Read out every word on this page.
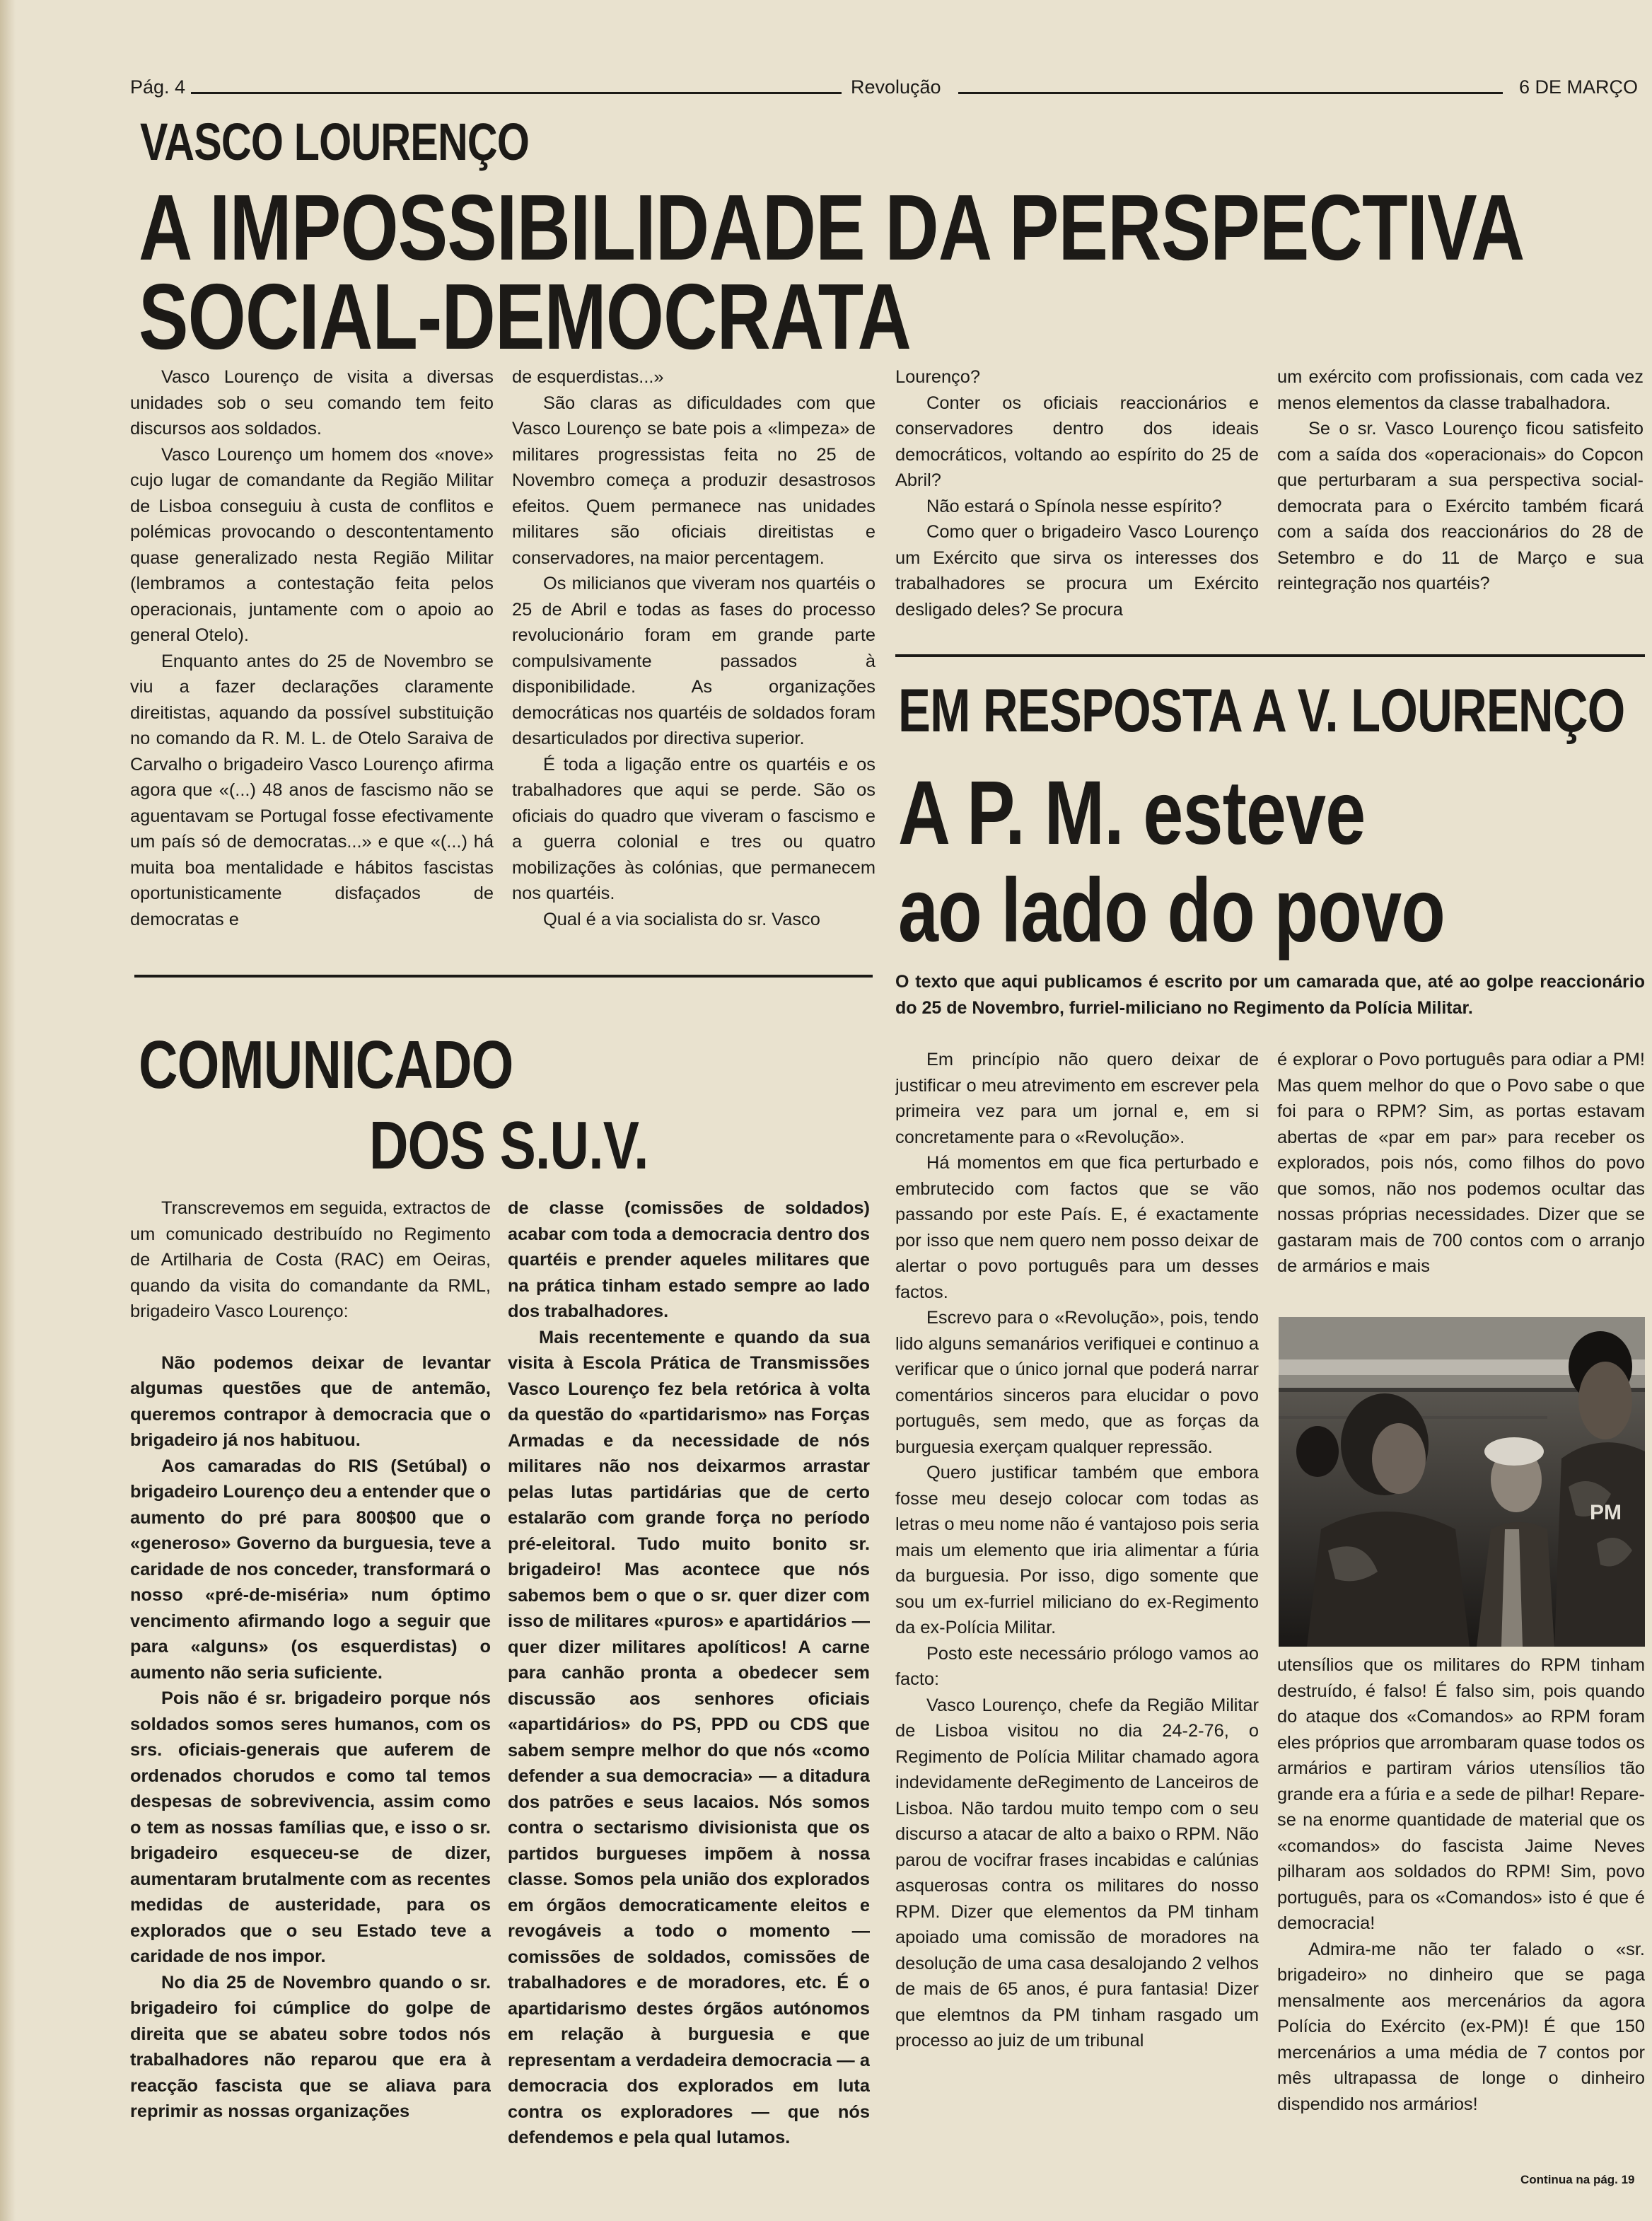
Pág. 4	Revolução	6 DE MARÇO
VASCO LOURENÇO
A IMPOSSIBILIDADE DA PERSPECTIVA
SOCIAL-DEMOCRATA

Vasco Lourenço de visita a diversas unidades sob o seu comando tem feito discursos aos soldados.

Vasco Lourenço um homem dos «nove» cujo lugar de comandante da Região Militar de Lisboa conseguiu à custa de conflitos e polémicas provocando o descontentamento quase generalizado nesta Região Militar (lembramos a contestação feita pelos operacionais, juntamente com o apoio ao general Otelo).

Enquanto antes do 25 de Novembro se viu a fazer declarações claramente direitistas, aquando da possível substituição no comando da R. M. L. de Otelo Saraiva de Carvalho o brigadeiro Vasco Lourenço afirma agora que «(...) 48 anos de fascismo não se aguentavam se Portugal fosse efectivamente um país só de democratas...» e que «(...) há muita boa mentalidade e hábitos fascistas oportunisticamente disfaçados de democratas e

de esquerdistas...»

São claras as dificuldades com que Vasco Lourenço se bate pois a «limpeza» de militares progressistas feita no 25 de Novembro começa a produzir desastrosos efeitos. Quem permanece nas unidades militares são oficiais direitistas e conservadores, na maior percentagem.

Os milicianos que viveram nos quartéis o 25 de Abril e todas as fases do processo revolucionário foram em grande parte compulsivamente passados à disponibilidade. As organizações democráticas nos quartéis de soldados foram desarticulados por directiva superior.

É toda a ligação entre os quartéis e os trabalhadores que aqui se perde. São os oficiais do quadro que viveram o fascismo e a guerra colonial e tres ou quatro mobilizações às colónias, que permanecem nos quartéis.

Qual é a via socialista do sr. Vasco

Lourenço?

Conter os oficiais reaccionários e conservadores dentro dos ideais democráticos, voltando ao espírito do 25 de Abril?

Não estará o Spínola nesse espírito?

Como quer o brigadeiro Vasco Lourenço um Exército que sirva os interesses dos trabalhadores se procura um Exército desligado deles? Se procura

um exército com profissionais, com cada vez menos elementos da classe trabalhadora.

Se o sr. Vasco Lourenço ficou satisfeito com a saída dos «operacionais» do Copcon que perturbaram a sua perspectiva social-democrata para o Exército também ficará com a saída dos reaccionários do 28 de Setembro e do 11 de Março e sua reintegração nos quartéis?

COMUNICADO
DOS S.U.V.

Transcrevemos em seguida, extractos de um comunicado destribuído no Regimento de Artilharia de Costa (RAC) em Oeiras, quando da visita do comandante da RML, brigadeiro Vasco Lourenço:

Não podemos deixar de levantar algumas questões que de antemão, queremos contrapor à democracia que o brigadeiro já nos habituou.

Aos camaradas do RIS (Setúbal) o brigadeiro Lourenço deu a entender que o aumento do pré para 800$00 que o «generoso» Governo da burguesia, teve a caridade de nos conceder, transformará o nosso «pré-de-miséria» num óptimo vencimento afirmando logo a seguir que para «alguns» (os esquerdistas) o aumento não seria suficiente.

Pois não é sr. brigadeiro porque nós soldados somos seres humanos, com os srs. oficiais-generais que auferem de ordenados chorudos e como tal temos despesas de sobrevivencia, assim como o tem as nossas famílias que, e isso o sr. brigadeiro esqueceu-se de dizer, aumentaram brutalmente com as recentes medidas de austeridade, para os explorados que o seu Estado teve a caridade de nos impor.

No dia 25 de Novembro quando o sr. brigadeiro foi cúmplice do golpe de direita que se abateu sobre todos nós trabalhadores não reparou que era à reacção fascista que se aliava para reprimir as nossas organizações

de classe (comissões de soldados) acabar com toda a democracia dentro dos quartéis e prender aqueles militares que na prática tinham estado sempre ao lado dos trabalhadores.

Mais recentemente e quando da sua visita à Escola Prática de Transmissões Vasco Lourenço fez bela retórica à volta da questão do «partidarismo» nas Forças Armadas e da necessidade de nós militares não nos deixarmos arrastar pelas lutas partidárias que de certo estalarão com grande força no período pré-eleitoral. Tudo muito bonito sr. brigadeiro! Mas acontece que nós sabemos bem o que o sr. quer dizer com isso de militares «puros» e apartidários — quer dizer militares apolíticos! A carne para canhão pronta a obedecer sem discussão aos senhores oficiais «apartidários» do PS, PPD ou CDS que sabem sempre melhor do que nós «como defender a sua democracia» — a ditadura dos patrões e seus lacaios. Nós somos contra o sectarismo divisionista que os partidos burgueses impõem à nossa classe. Somos pela união dos explorados em órgãos democraticamente eleitos e revogáveis a todo o momento — comissões de soldados, comissões de trabalhadores e de moradores, etc. É o apartidarismo destes órgãos autónomos em relação à burguesia e que representam a verdadeira democracia — a democracia dos explorados em luta contra os exploradores — que nós defendemos e pela qual lutamos.

EM RESPOSTA A V. LOURENÇO
A P. M. esteve
ao lado do povo

O texto que aqui publicamos é escrito por um camarada que, até ao golpe reaccionário do 25 de Novembro, furriel-miliciano no Regimento da Polícia Militar.

Em princípio não quero deixar de justificar o meu atrevimento em escrever pela primeira vez para um jornal e, em si concretamente para o «Revolução».

Há momentos em que fica perturbado e embrutecido com factos que se vão passando por este País. E, é exactamente por isso que nem quero nem posso deixar de alertar o povo português para um desses factos.

Escrevo para o «Revolução», pois, tendo lido alguns semanários verifiquei e continuo a verificar que o único jornal que poderá narrar comentários sinceros para elucidar o povo português, sem medo, que as forças da burguesia exerçam qualquer repressão.

Quero justificar também que embora fosse meu desejo colocar com todas as letras o meu nome não é vantajoso pois seria mais um elemento que iria alimentar a fúria da burguesia. Por isso, digo somente que sou um ex-furriel miliciano do ex-Regimento da ex-Polícia Militar.

Posto este necessário prólogo vamos ao facto:

Vasco Lourenço, chefe da Região Militar de Lisboa visitou no dia 24-2-76, o Regimento de Polícia Militar chamado agora indevidamente deRegimento de Lanceiros de Lisboa. Não tardou muito tempo com o seu discurso a atacar de alto a baixo o RPM. Não parou de vocifrar frases incabidas e calúnias asquerosas contra os militares do nosso RPM. Dizer que elementos da PM tinham apoiado uma comissão de moradores na desolução de uma casa desalojando 2 velhos de mais de 65 anos, é pura fantasia! Dizer que elemtnos da PM tinham rasgado um processo ao juiz de um tribunal

é explorar o Povo português para odiar a PM! Mas quem melhor do que o Povo sabe o que foi para o RPM? Sim, as portas estavam abertas de «par em par» para receber os explorados, pois nós, como filhos do povo que somos, não nos podemos ocultar das nossas próprias necessidades. Dizer que se gastaram mais de 700 contos com o arranjo de armários e mais

PM

utensílios que os militares do RPM tinham destruído, é falso! É falso sim, pois quando do ataque dos «Comandos» ao RPM foram eles próprios que arrombaram quase todos os armários e partiram vários utensílios tão grande era a fúria e a sede de pilhar! Repare-se na enorme quantidade de material que os «comandos» do fascista Jaime Neves pilharam aos soldados do RPM! Sim, povo português, para os «Comandos» isto é que é democracia!

Admira-me não ter falado o «sr. brigadeiro» no dinheiro que se paga mensalmente aos mercenários da agora Polícia do Exército (ex-PM)! É que 150 mercenários a uma média de 7 contos por mês ultrapassa de longe o dinheiro dispendido nos armários!

Continua na pág. 19
